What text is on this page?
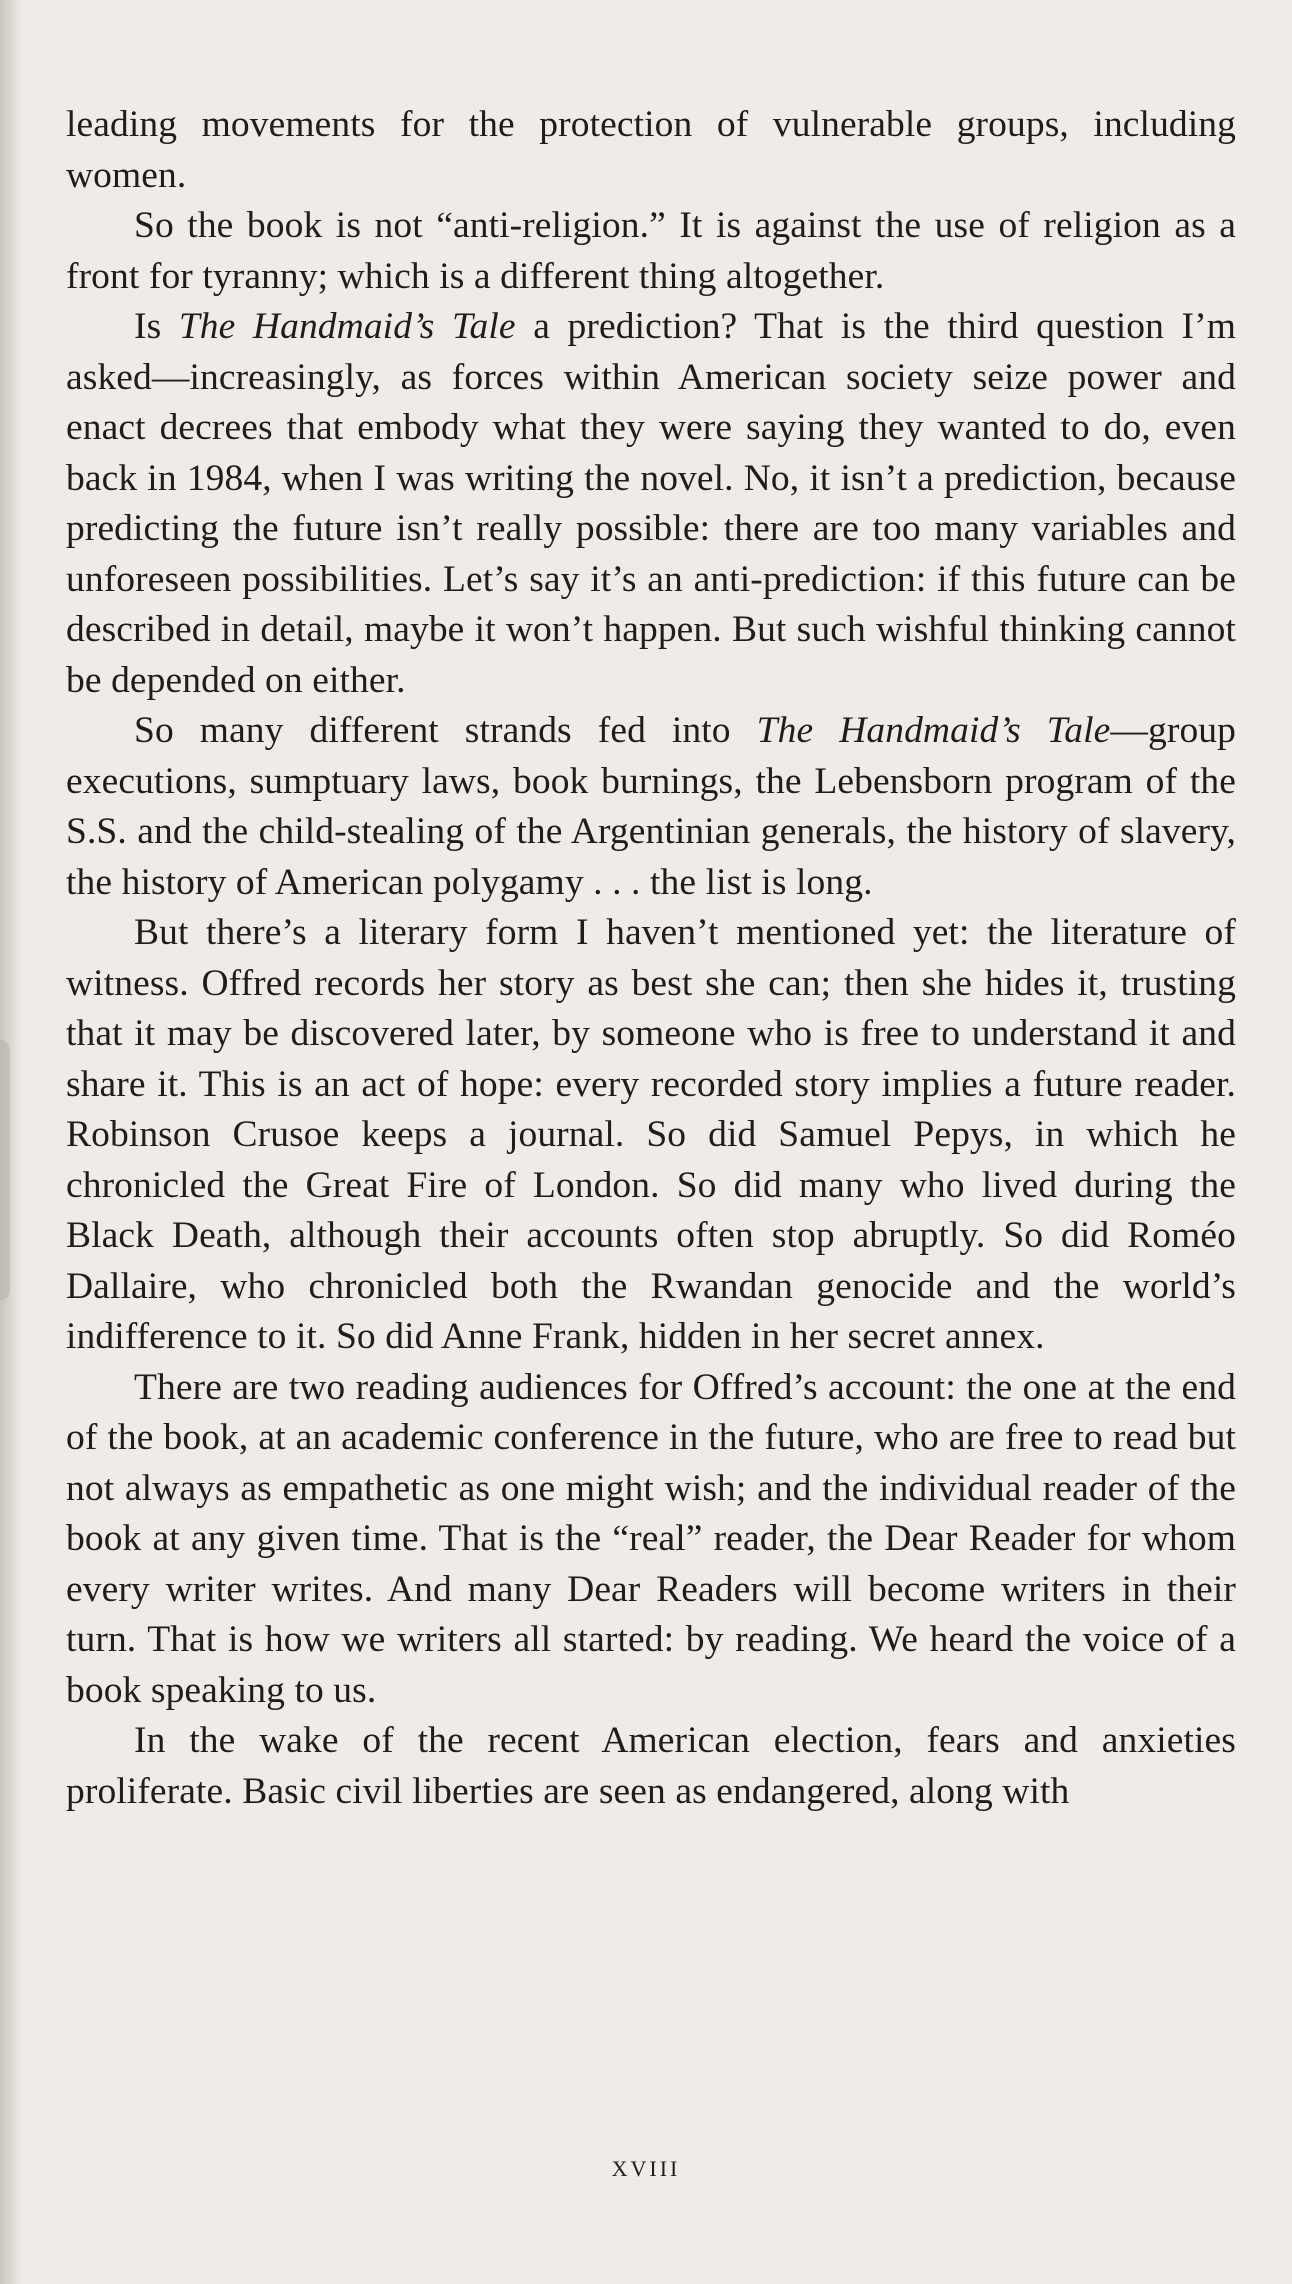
leading movements for the protection of vulnerable groups, including women.

So the book is not “anti-religion.” It is against the use of religion as a front for tyranny; which is a different thing altogether.

Is The Handmaid’s Tale a prediction? That is the third question I’m asked—increasingly, as forces within American society seize power and enact decrees that embody what they were saying they wanted to do, even back in 1984, when I was writing the novel. No, it isn’t a prediction, because predicting the future isn’t really possible: there are too many variables and unforeseen possibilities. Let’s say it’s an anti-prediction: if this future can be described in detail, maybe it won’t happen. But such wishful thinking cannot be depended on either.

So many different strands fed into The Handmaid’s Tale—group executions, sumptuary laws, book burnings, the Lebensborn program of the S.S. and the child-stealing of the Argentinian generals, the history of slavery, the history of American polygamy . . . the list is long.

But there’s a literary form I haven’t mentioned yet: the literature of witness. Offred records her story as best she can; then she hides it, trusting that it may be discovered later, by someone who is free to understand it and share it. This is an act of hope: every recorded story implies a future reader. Robinson Crusoe keeps a journal. So did Samuel Pepys, in which he chronicled the Great Fire of London. So did many who lived during the Black Death, although their accounts often stop abruptly. So did Roméo Dallaire, who chronicled both the Rwandan genocide and the world’s indifference to it. So did Anne Frank, hidden in her secret annex.

There are two reading audiences for Offred’s account: the one at the end of the book, at an academic conference in the future, who are free to read but not always as empathetic as one might wish; and the individual reader of the book at any given time. That is the “real” reader, the Dear Reader for whom every writer writes. And many Dear Readers will become writers in their turn. That is how we writers all started: by reading. We heard the voice of a book speaking to us.

In the wake of the recent American election, fears and anxieties proliferate. Basic civil liberties are seen as endangered, along with

XVIII
